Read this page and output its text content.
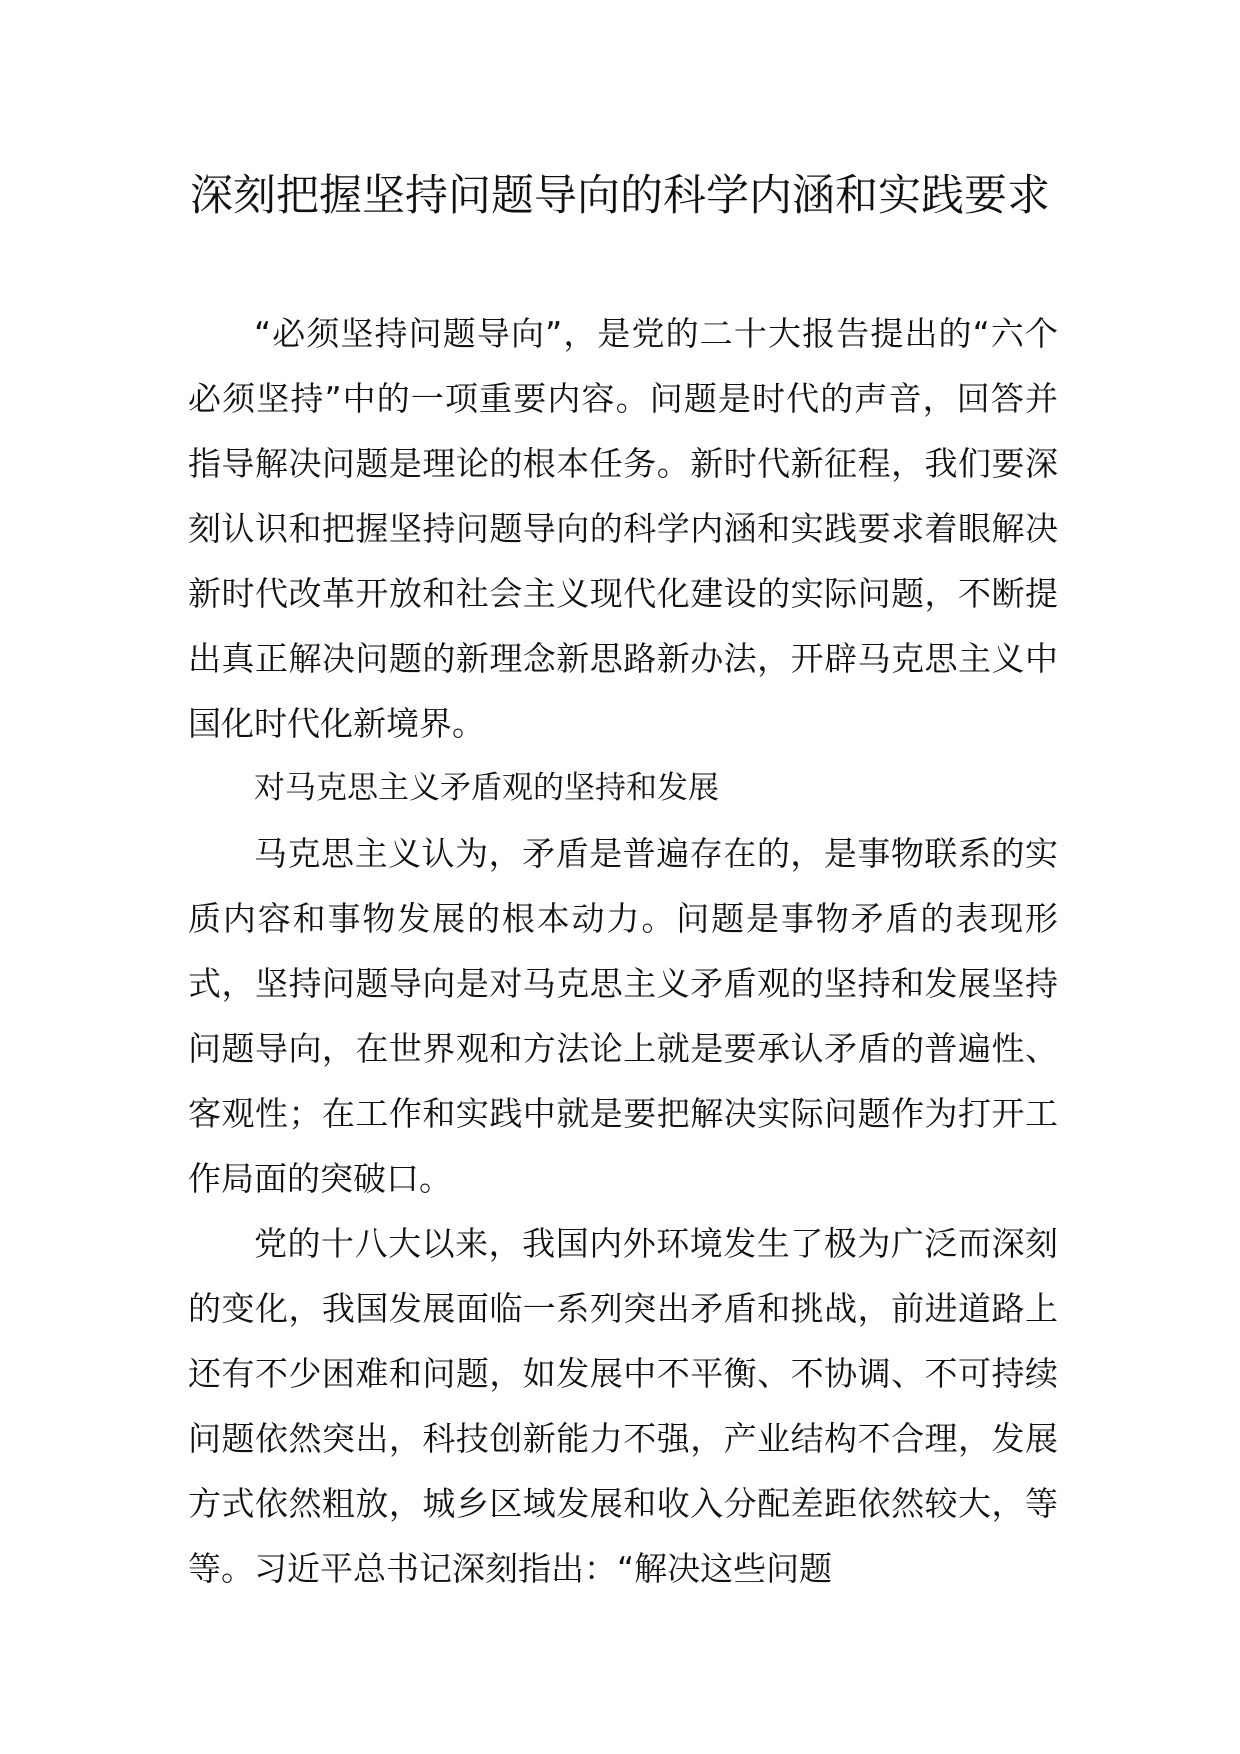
深刻把握坚持问题导向的科学内涵和实践要求

“必须坚持问题导向”，是党的二十大报告提出的“六个必须坚持”中的一项重要内容。问题是时代的声音，回答并指导解决问题是理论的根本任务。新时代新征程，我们要深刻认识和把握坚持问题导向的科学内涵和实践要求着眼解决新时代改革开放和社会主义现代化建设的实际问题，不断提出真正解决问题的新理念新思路新办法，开辟马克思主义中国化时代化新境界。

对马克思主义矛盾观的坚持和发展

马克思主义认为，矛盾是普遍存在的，是事物联系的实质内容和事物发展的根本动力。问题是事物矛盾的表现形式，坚持问题导向是对马克思主义矛盾观的坚持和发展坚持问题导向，在世界观和方法论上就是要承认矛盾的普遍性、客观性；在工作和实践中就是要把解决实际问题作为打开工作局面的突破口。

党的十八大以来，我国内外环境发生了极为广泛而深刻的变化，我国发展面临一系列突出矛盾和挑战，前进道路上还有不少困难和问题，如发展中不平衡、不协调、不可持续问题依然突出，科技创新能力不强，产业结构不合理，发展方式依然粗放，城乡区域发展和收入分配差距依然较大，等等。习近平总书记深刻指出：“解决这些问题
